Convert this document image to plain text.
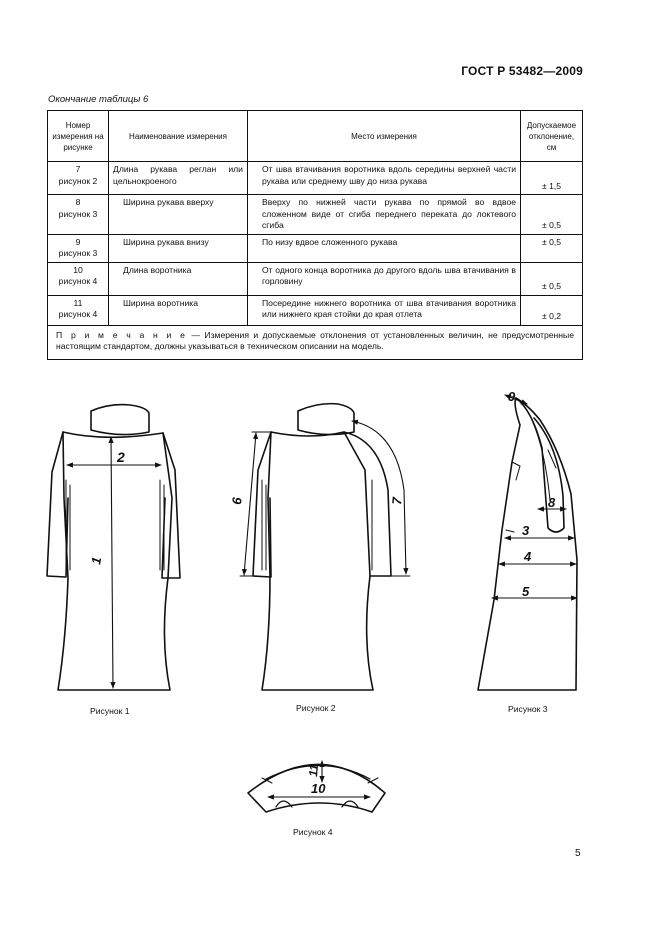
ГОСТ Р 53482—2009
Окончание таблицы 6
Номер измерения на рисунке	Наименование измерения	Место измерения	Допускаемое отклонение, см

7
рисунок 2	Длина рукава реглан или цельнокроеного	От шва втачивания воротника вдоль середины верхней части рукава или среднему шву до низа рукава	± 1,5

8
рисунок 3	Ширина рукава вверху	Вверху по нижней части рукава по прямой во вдвое сложенном виде от сгиба переднего переката до локтевого сгиба	± 0,5

9
рисунок 3	Ширина рукава внизу	По низу вдвое сложенного рукава	± 0,5

10
рисунок 4	Длина воротника	От одного конца воротника до другого вдоль шва втачивания в горловину	± 0,5

11
рисунок 4	Ширина воротника	Посередине нижнего воротника от шва втачивания воротника или нижнего края стойки до края отлета	± 0,2
П р и м е ч а н и е — Измерения и допускаемые отклонения от установленных величин, не предусмотренные настоящим стандартом, должны указываться в техническом описании на модель.			
2
1
6	7
9
8
3
4
5
11
10
Рисунок 1	Рисунок 2	Рисунок 3
Рисунок 4
5
